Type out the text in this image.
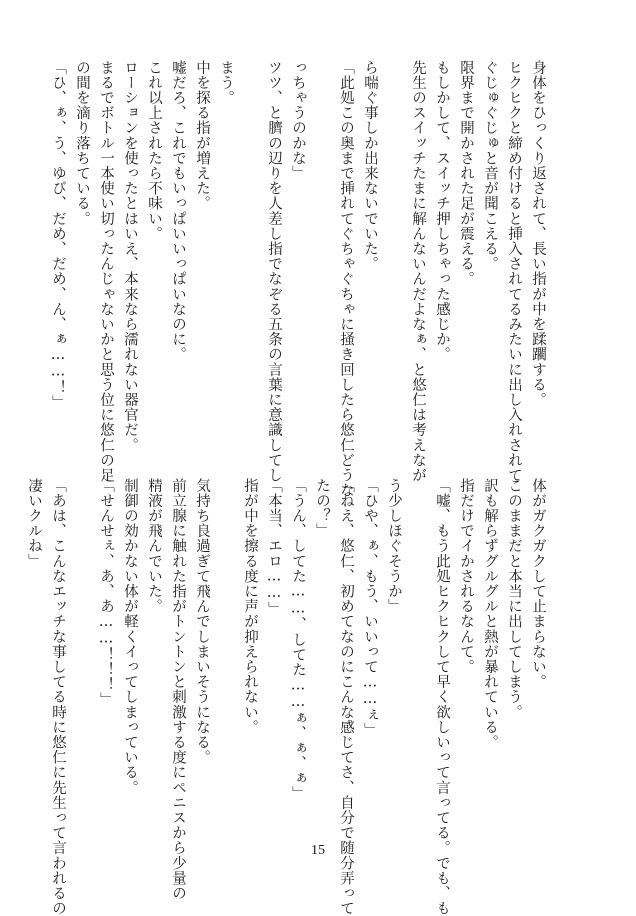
身体をひっくり返されて、長い指が中を蹂躙する。

ヒクヒクと締め付けると挿入されてるみたいに出し入れされて

ぐじゅぐじゅと音が聞こえる。

限界まで開かされた足が震える。

もしかして、スイッチ押しちゃった感じか。

先生のスイッチたまに解んないんだよなぁ、と悠仁は考えなが

ら喘ぐ事しか出来ないでいた。

「此処この奥まで挿れてぐちゃぐちゃに掻き回したら悠仁どうな

っちゃうのかな」

ツツ、と臍の辺りを人差し指でなぞる五条の言葉に意識してし

まう。

中を探る指が増えた。

嘘だろ、これでもいっぱいいっぱいなのに。

これ以上されたら不味い。

ローションを使ったとはいえ、本来なら濡れない器官だ。

まるでボトル一本使い切ったんじゃないかと思う位に悠仁の足

の間を滴り落ちている。

「ひ、ぁ、う、ゆび、だめ、だめ、ん、ぁ……！」

体がガクガクして止まらない。

このままだと本当に出してしまう。

訳も解らずグルグルと熱が暴れている。

指だけでイかされるなんて。

「嘘、もう此処ヒクヒクして早く欲しいって言ってる。でも、も

う少しほぐそうか」

「ひや、ぁ、もう、いいって……ぇ」

「ねえ、悠仁、初めてなのにこんな感じてさ、自分で随分弄って

たの？」

「うん、してた……、してた……ぁ、ぁ、ぁ」

「本当、エロ……」

指が中を擦る度に声が抑えられない。

気持ち良過ぎて飛んでしまいそうになる。

前立腺に触れた指がトントンと刺激する度にペニスから少量の

精液が飛んでいた。

制御の効かない体が軽くイってしまっている。

「せんせぇ、あ、あ……！！！」

「あは、こんなエッチな事してる時に悠仁に先生って言われるの

凄いクルね」

15
